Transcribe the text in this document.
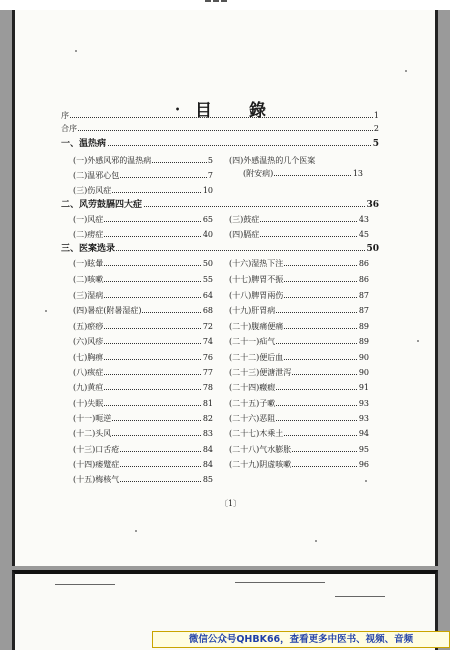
• 目 錄
序	1
合序	2
一、温热病	5
(一)外感风邪的温热病	5 (四)外感温热的几个医案
(附安病)	13
(二)温邪心包	7
(三)伤风症	10
二、风劳鼓膈四大症	36
(一)风症	65 (三)鼓症	43
(二)痨症	40 (四)膈症	45
三、医案选录	50
(一)眩暈	50 (十六)湿热下注	86
(二)咳嗽	55 (十七)脾胃不振	86
(三)湿病	64 (十八)脾胃兩伤	87
(四)暑症(附暑湿症)	68 (十九)肝胃病	87
(五)瘀痧	72 (二十)腹痛便痛	89
(六)风疹	74 (二十一)疝气	89
(七)胸痹	76 (二十二)便后血	90
(八)痎症	77 (二十三)便溏泄泻	90
(九)黄疸	78 (二十四)癥瘕	91
(十)失眠	81 (二十五)子嗽	93
(十一)呃逆	82 (二十六)恶阻	93
(十二)头风	83 (二十七)木乘土	94
(十三)口舌疮	84 (二十八)气水膨胀	95
(十四)痿躄症	84 (二十九)阴虚咳嗽	96
(十五)梅核气	85
〔1〕
微信公众号QHBK66，查看更多中医书、视频、音频
